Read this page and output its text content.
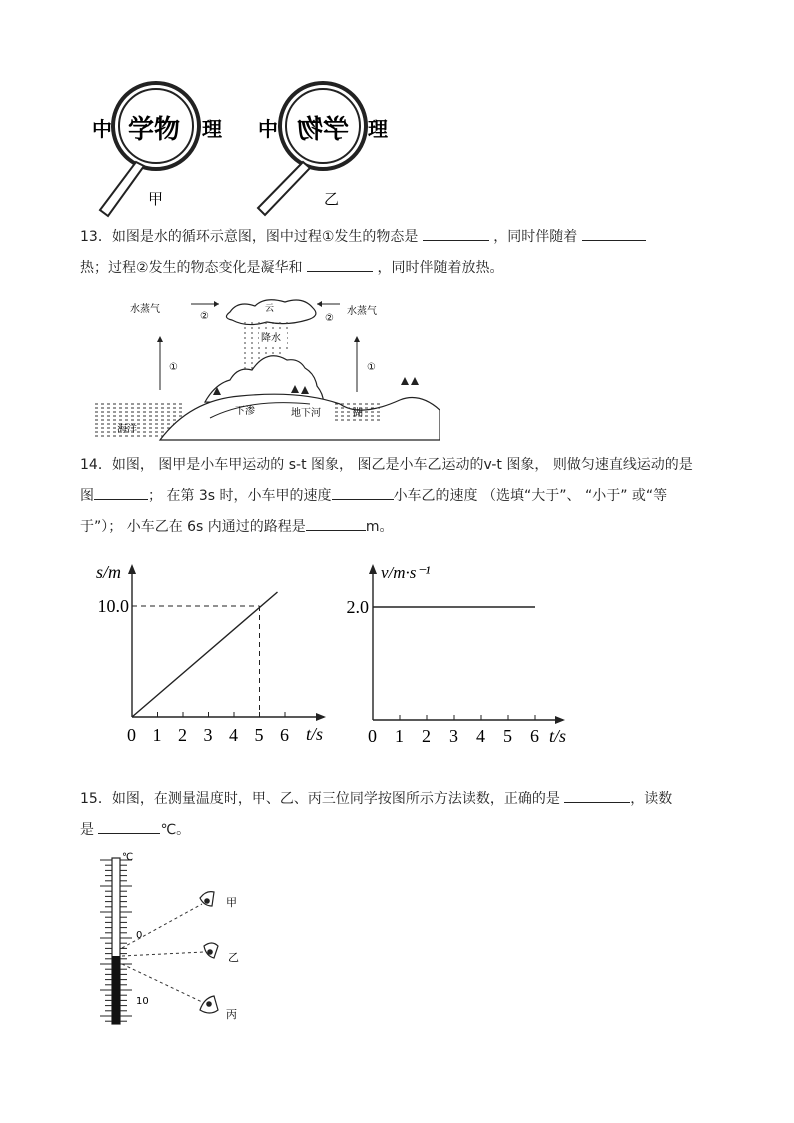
中 学物 理
甲
中 学物 理
乙
13．如图是水的循环示意图，图中过程①发生的物态是	，同时伴随着
热；过程②发生的物态变化是凝华和	，同时伴随着放热。
云
水蒸气	水蒸气
②	②
降水
①	①
海洋
下渗	地下河	湖
14．如图， 图甲是小车甲运动的 s-t 图象， 图乙是小车乙运动的v-t 图象， 则做匀速直线运动的是
图	； 在第 3s 时，小车甲的速度	小车乙的速度 （选填“大于”、 “小于” 或“等
于”）； 小车乙在 6s 内通过的路程是	m。
s/m
t/s
0 1 2 3 4 5 6
10.0
v/m·s⁻¹
t/s
0 1 2 3 4 5 6
2.0
15．如图，在测量温度时，甲、乙、丙三位同学按图所示方法读数，正确的是	，读数
是	℃。
℃
0
10
甲
乙
丙
